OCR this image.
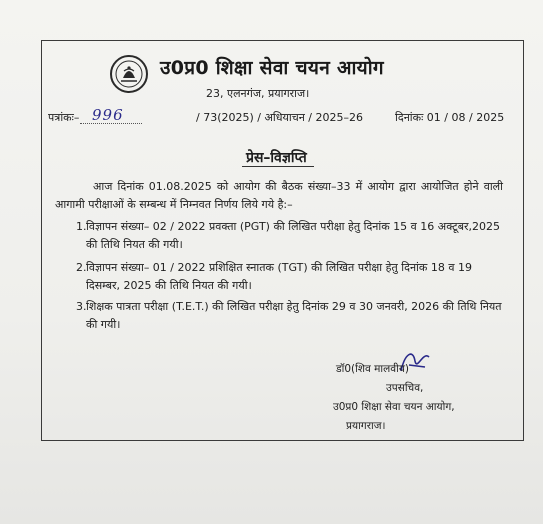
उ0प्र0 शिक्षा सेवा चयन आयोग
23, एलनगंज, प्रयागराज।
पत्रांकः– 996	/ 73(2025) / अधियाचन / 2025–26	दिनांकः 01 / 08 / 2025
प्रेस–विज्ञप्ति
आज दिनांक 01.08.2025 को आयोग की बैठक संख्या–33 में आयोग द्वारा आयोजित होने वाली आगामी परीक्षाओं के सम्बन्ध में निम्नवत निर्णय लिये गये है:–
1. विज्ञापन संख्या– 02 / 2022 प्रवक्ता (PGT) की लिखित परीक्षा हेतु दिनांक 15 व 16 अक्टूबर,2025 की तिथि नियत की गयी।
2. विज्ञापन संख्या– 01 / 2022 प्रशिक्षित स्नातक (TGT) की लिखित परीक्षा हेतु दिनांक 18 व 19 दिसम्बर, 2025 की तिथि नियत की गयी।
3. शिक्षक पात्रता परीक्षा (T.E.T.) की लिखित परीक्षा हेतु दिनांक 29 व 30 जनवरी, 2026 की तिथि नियत की गयी।
डॉ0(शिव मालवीय)
उपसचिव,
उ0प्र0 शिक्षा सेवा चयन आयोग,
प्रयागराज।
